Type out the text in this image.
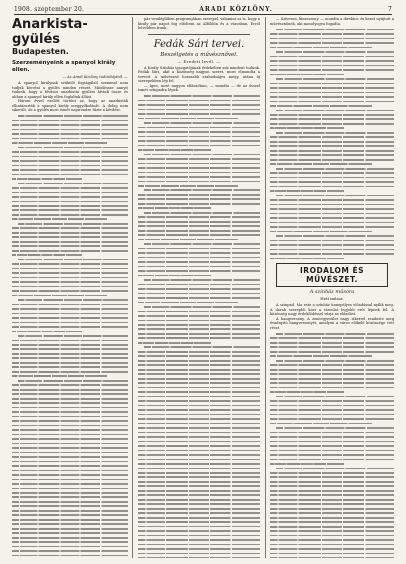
1908. szeptember 20.	ARADI KÖZLÖNY.	7
Anarkista-gyülés
Budapesten.
Szerzeményeink a spanyol király ellen.
— Az Aradi Közlöny tudósítójától. —

A spanyol királynak szűkülő fogságából szemmel nem tudjuk követni a gyülés minden részét. Mindössze annyit tudunk, hogy a főváros anarkistái gyülést hívtak össze és abban a spanyol király ellen foglaltak állást.

Három évvel ezelőtt történt az, hogy az anarkisták elhatározták a spanyol király meggyilkolását. A dolog nem sikerült, de a gyülés most ismét napirendre tűzte a kérdést.

pár vendéglőben programjában szerepel, valamint az is, hogy a király pár napot fog eltölteni az Alföldön és a városban. Erről bővebben írunk.

Fedák Sári tervei.
Beszélgetés a művésznővel.
— Eredeti levél. —

A Király Színház igazgatójának érdekében sok mindent tudunk. Fedák Sári, akit a közönség nagyon szeret, most elmondta a terveit. A művésznő hosszabb szabadságra megy, utána új szerepekben lép fel.

— Igen, most nagyon elfáradtam, — mondta — de az ősszel ismét színpadra lépek.

— Szívesen, kisasszony, — mondta a direktor, és kezet nyújtott a művésznőnek, aki mosolyogva fogadta.

IRODALOM ÉS MŰVÉSZET.
A színház műsora
Heti műsor.

A szinpad. Ma este a színház ünnepélyes előadással nyílik meg. A darab szereplői közt a társulat legjobb erői lépnek fel. A közönség nagy érdeklődéssel várja az előadást.

A hangverseny. A zeneegyesület nagy sikerrel rendezte meg évadnyitó hangversenyét, amelyen a város előkelő közönsége vett részt.
